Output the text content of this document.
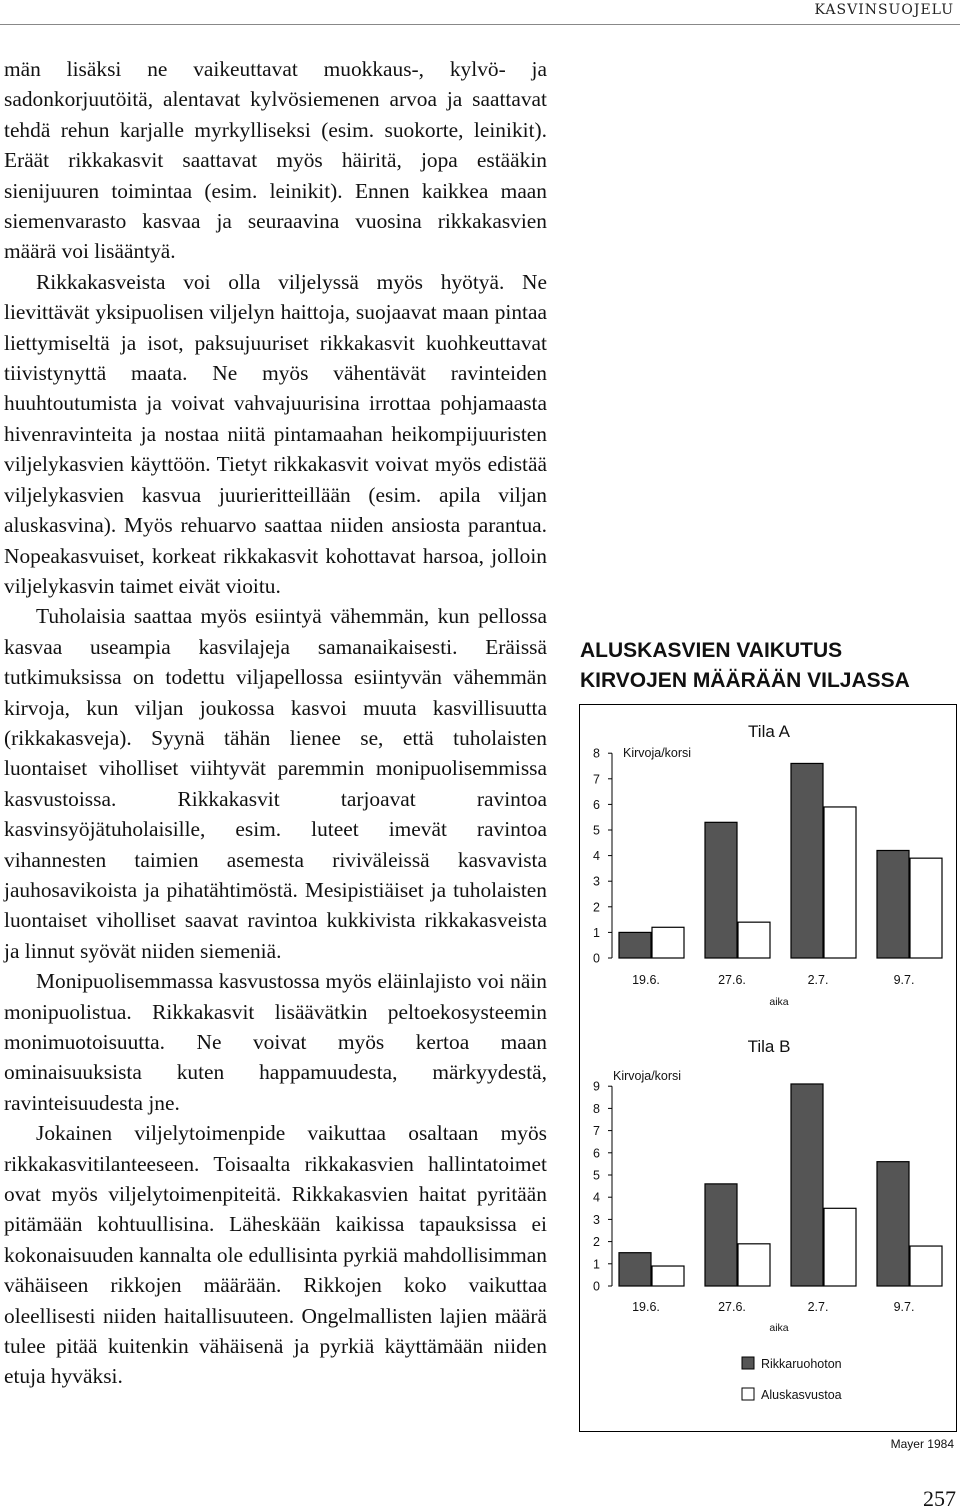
KASVINSUOJELU

män lisäksi ne vaikeuttavat muokkaus-, kylvö- ja sadonkorjuutöitä, alentavat kylvösiemenen arvoa ja saattavat tehdä rehun karjalle myrkylliseksi (esim. suokorte, leinikit). Eräät rikkakasvit saattavat myös häiritä, jopa estääkin sienijuuren toimintaa (esim. leinikit). Ennen kaikkea maan siemenvarasto kasvaa ja seuraavina vuosina rikkakasvien määrä voi lisääntyä.

Rikkakasveista voi olla viljelyssä myös hyötyä. Ne lievittävät yksipuolisen viljelyn haittoja, suojaavat maan pintaa liettymiseltä ja isot, paksujuuriset rikkakasvit kuohkeuttavat tiivistynyttä maata. Ne myös vähentävät ravinteiden huuhtoutumista ja voivat vahvajuurisina irrottaa pohjamaasta hivenravinteita ja nostaa niitä pintamaahan heikompijuuristen viljelykasvien käyttöön. Tietyt rikkakasvit voivat myös edistää viljelykasvien kasvua juurieritteillään (esim. apila viljan aluskasvina). Myös rehuarvo saattaa niiden ansiosta parantua. Nopeakasvuiset, korkeat rikkakasvit kohottavat harsoa, jolloin viljelykasvin taimet eivät vioitu.

Tuholaisia saattaa myös esiintyä vähemmän, kun pellossa kasvaa useampia kasvilajeja samanaikaisesti. Eräissä tutkimuksissa on todettu viljapellossa esiintyvän vähemmän kirvoja, kun viljan joukossa kasvoi muuta kasvillisuutta (rikkakasveja). Syynä tähän lienee se, että tuholaisten luontaiset viholliset viihtyvät paremmin monipuolisemmissa kasvustoissa. Rikkakasvit tarjoavat ravintoa kasvinsyöjätuholaisille, esim. luteet imevät ravintoa vihannesten taimien asemesta riviväleissä kasvavista jauhosavikoista ja pihatähtimöstä. Mesipistiäiset ja tuholaisten luontaiset viholliset saavat ravintoa kukkivista rikkakasveista ja linnut syövät niiden siemeniä.

Monipuolisemmassa kasvustossa myös eläinlajisto voi näin monipuolistua. Rikkakasvit lisäävätkin peltoekosysteemin monimuotoisuutta. Ne voivat myös kertoa maan ominaisuuksista kuten happamuudesta, märkyydestä, ravinteisuudesta jne.

Jokainen viljelytoimenpide vaikuttaa osaltaan myös rikkakasvitilanteeseen. Toisaalta rikkakasvien hallintatoimet ovat myös viljelytoimenpiteitä. Rikkakasvien haitat pyritään pitämään kohtuullisina. Läheskään kaikissa tapauksissa ei kokonaisuuden kannalta ole edullisinta pyrkiä mahdollisimman vähäiseen rikkojen määrään. Rikkojen koko vaikuttaa oleellisesti niiden haitallisuuteen. Ongelmallisten lajien määrä tulee pitää kuitenkin vähäisenä ja pyrkiä käyttämään niiden etuja hyväksi.

ALUSKASVIEN VAIKUTUS KIRVOJEN MÄÄRÄÄN VILJASSA
Tila A
Kirvoja/korsi
0
1
2
3
4
5
6
7
8
19.6.	27.6.	2.7.	9.7.
aika
Tila B
Kirvoja/korsi
0
1
2
3
4
5
6
7
8
9
19.6.	27.6.	2.7.	9.7.
aika
Rikkaruohoton
Aluskasvustoa
Mayer 1984
257
